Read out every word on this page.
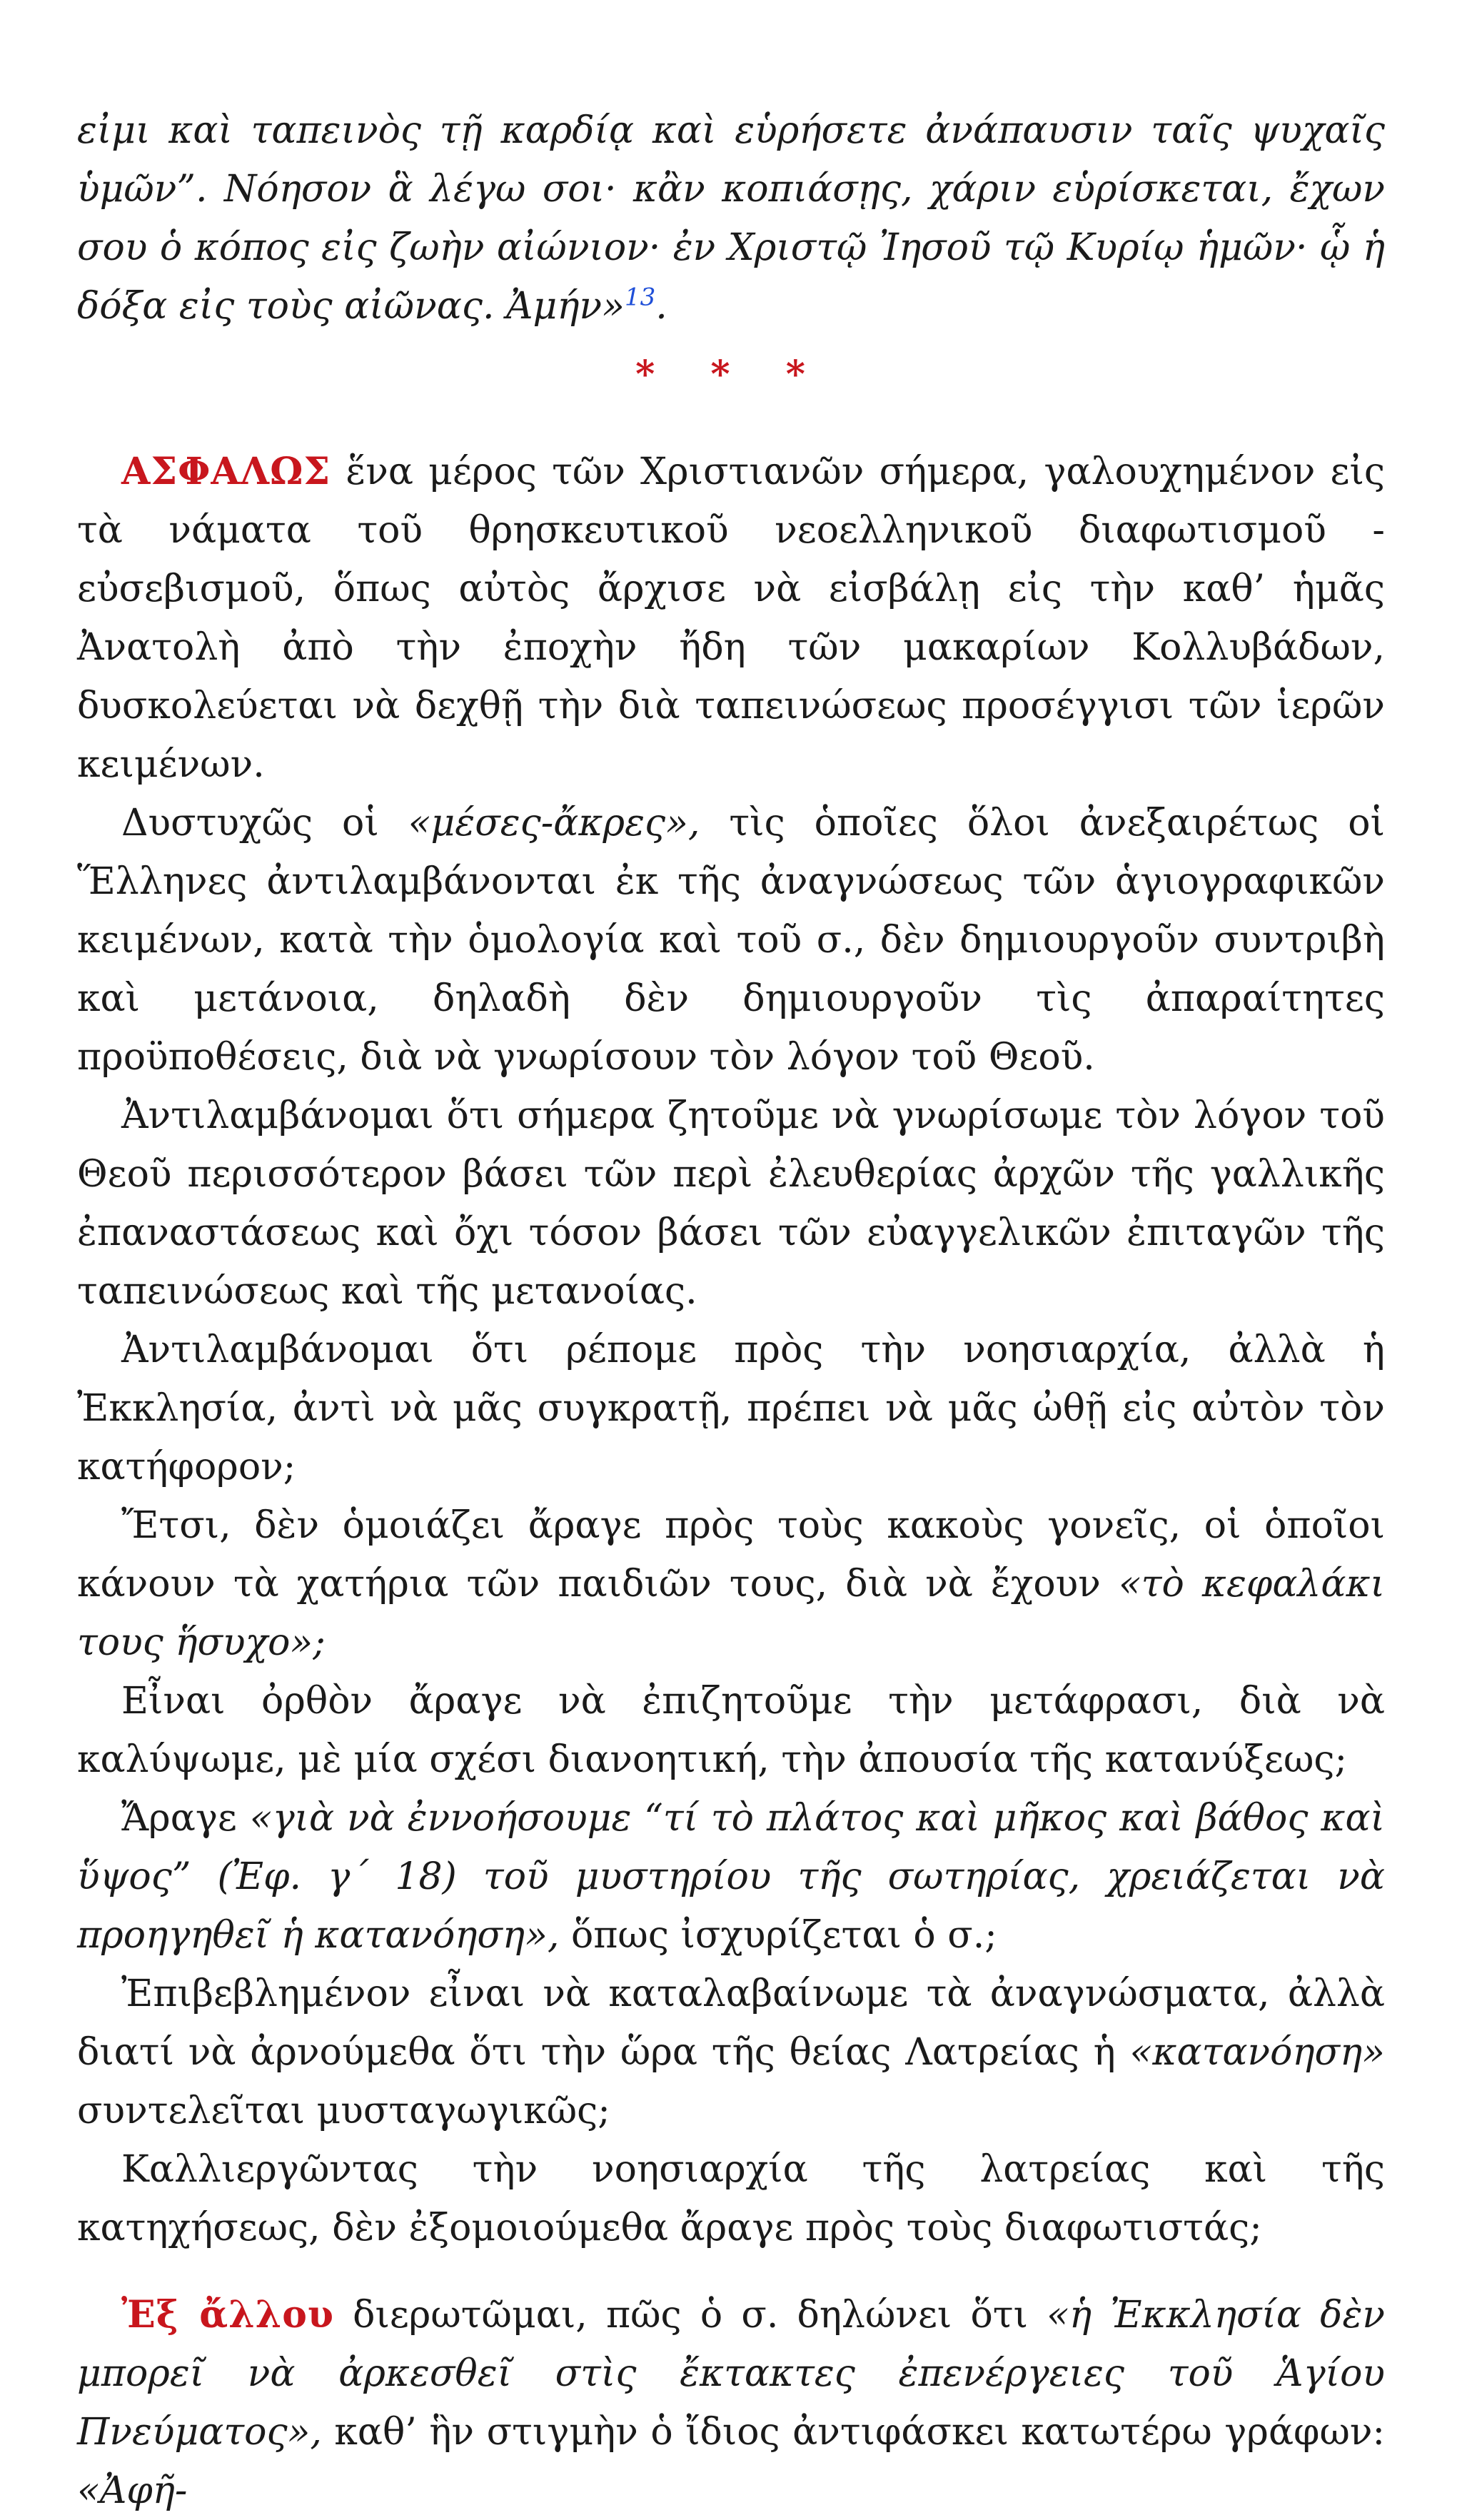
εἰμι καὶ ταπεινὸς τῇ καρδίᾳ καὶ εὑρήσετε ἀνάπαυσιν ταῖς ψυχαῖς ὑμῶν”. Νόησον ἃ λέγω σοι· κἂν κοπιάσῃς, χάριν εὑρίσκεται, ἔχων σου ὁ κόπος εἰς ζωὴν αἰώνιον· ἐν Χριστῷ Ἰησοῦ τῷ Κυρίῳ ἡμῶν· ᾧ ἡ δόξα εἰς τοὺς αἰῶνας. Ἀμήν»$^{13}$.

* * *

ΑΣΦΑΛΩΣ ἕνα μέρος τῶν Χριστιανῶν σήμερα, γαλουχημένον εἰς τὰ νάματα τοῦ θρησκευτικοῦ νεοελληνικοῦ διαφωτισμοῦ - εὐσεβισμοῦ, ὅπως αὐτὸς ἄρχισε νὰ εἰσβάλῃ εἰς τὴν καθ’ ἡμᾶς Ἀνατολὴ ἀπὸ τὴν ἐποχὴν ἤδη τῶν μακαρίων Κολλυβάδων, δυσκολεύεται νὰ δεχθῇ τὴν διὰ ταπεινώσεως προσέγγισι τῶν ἱερῶν κειμένων.

Δυστυχῶς οἱ «μέσες-ἄκρες», τὶς ὁποῖες ὅλοι ἀνεξαιρέτως οἱ Ἕλληνες ἀντιλαμβάνονται ἐκ τῆς ἀναγνώσεως τῶν ἁγιογραφικῶν κειμένων, κατὰ τὴν ὁμολογία καὶ τοῦ σ., δὲν δημιουργοῦν συντριβὴ καὶ μετάνοια, δηλαδὴ δὲν δημιουργοῦν τὶς ἀπαραίτητες προϋποθέσεις, διὰ νὰ γνωρίσουν τὸν λόγον τοῦ Θεοῦ.

Ἀντιλαμβάνομαι ὅτι σήμερα ζητοῦμε νὰ γνωρίσωμε τὸν λόγον τοῦ Θεοῦ περισσότερον βάσει τῶν περὶ ἐλευθερίας ἀρχῶν τῆς γαλλικῆς ἐπαναστάσεως καὶ ὄχι τόσον βάσει τῶν εὐαγγελικῶν ἐπιταγῶν τῆς ταπεινώσεως καὶ τῆς μετανοίας.

Ἀντιλαμβάνομαι ὅτι ρέπομε πρὸς τὴν νοησιαρχία, ἀλλὰ ἡ Ἐκκλησία, ἀντὶ νὰ μᾶς συγκρατῇ, πρέπει νὰ μᾶς ὠθῇ εἰς αὐτὸν τὸν κατήφορον;

Ἔτσι, δὲν ὁμοιάζει ἄραγε πρὸς τοὺς κακοὺς γονεῖς, οἱ ὁποῖοι κάνουν τὰ χατήρια τῶν παιδιῶν τους, διὰ νὰ ἔχουν «τὸ κεφαλάκι τους ἥσυχο»;

Εἶναι ὀρθὸν ἄραγε νὰ ἐπιζητοῦμε τὴν μετάφρασι, διὰ νὰ καλύψωμε, μὲ μία σχέσι διανοητική, τὴν ἀπουσία τῆς κατανύξεως;

Ἄραγε «γιὰ νὰ ἐννοήσουμε “τί τὸ πλάτος καὶ μῆκος καὶ βάθος καὶ ὕψος” (Ἐφ. γ´ 18) τοῦ μυστηρίου τῆς σωτηρίας, χρειάζεται νὰ προηγηθεῖ ἡ κατανόηση», ὅπως ἰσχυρίζεται ὁ σ.;

Ἐπιβεβλημένον εἶναι νὰ καταλαβαίνωμε τὰ ἀναγνώσματα, ἀλλὰ διατί νὰ ἀρνούμεθα ὅτι τὴν ὥρα τῆς θείας Λατρείας ἡ «κατανόηση» συντελεῖται μυσταγωγικῶς;

Καλλιεργῶντας τὴν νοησιαρχία τῆς λατρείας καὶ τῆς κατηχήσεως, δὲν ἐξομοιούμεθα ἄραγε πρὸς τοὺς διαφωτιστάς;

Ἐξ ἄλλου διερωτῶμαι, πῶς ὁ σ. δηλώνει ὅτι «ἡ Ἐκκλησία δὲν μπορεῖ νὰ ἀρκεσθεῖ στὶς ἔκτακτες ἐπενέργειες τοῦ Ἁγίου Πνεύματος», καθ’ ἣν στιγμὴν ὁ ἴδιος ἀντιφάσκει κατωτέρω γράφων: «Ἀφῆ-
